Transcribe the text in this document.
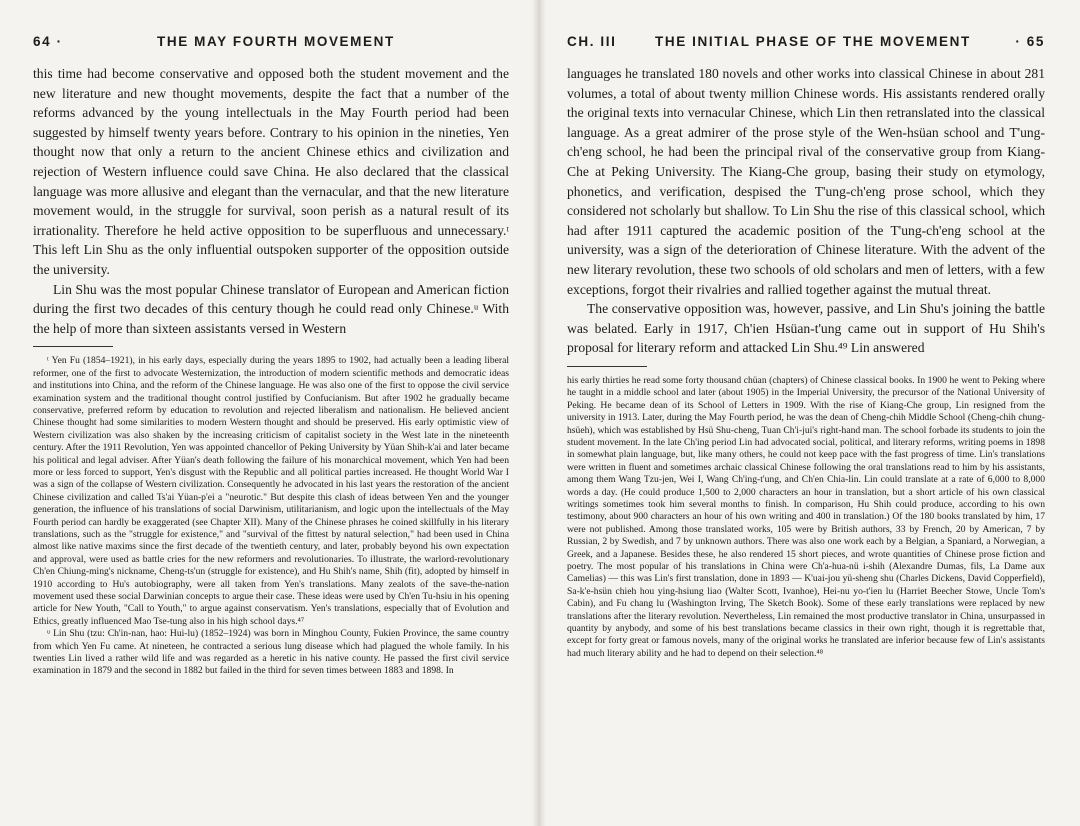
64 ·	THE MAY FOURTH MOVEMENT

this time had become conservative and opposed both the student movement and the new literature and new thought movements, despite the fact that a number of the reforms advanced by the young intellectuals in the May Fourth period had been suggested by himself twenty years before. Contrary to his opinion in the nineties, Yen thought now that only a return to the ancient Chinese ethics and civilization and rejection of Western influence could save China. He also declared that the classical language was more allusive and elegant than the vernacular, and that the new literature movement would, in the struggle for survival, soon perish as a natural result of its irrationality. Therefore he held active opposition to be superfluous and unnecessary.ᵗ This left Lin Shu as the only influential outspoken supporter of the opposition outside the university.

Lin Shu was the most popular Chinese translator of European and American fiction during the first two decades of this century though he could read only Chinese.ᵘ With the help of more than sixteen assistants versed in Western

ᵗ Yen Fu (1854–1921), in his early days, especially during the years 1895 to 1902, had actually been a leading liberal reformer, one of the first to advocate Westernization, the introduction of modern scientific methods and democratic ideas and institutions into China, and the reform of the Chinese language. He was also one of the first to oppose the civil service examination system and the traditional thought control justified by Confucianism. But after 1902 he gradually became conservative, preferred reform by education to revolution and rejected liberalism and nationalism. He believed ancient Chinese thought had some similarities to modern Western thought and should be preserved. His early optimistic view of Western civilization was also shaken by the increasing criticism of capitalist society in the West late in the nineteenth century. After the 1911 Revolution, Yen was appointed chancellor of Peking University by Yüan Shih-k'ai and later became his political and legal adviser. After Yüan's death following the failure of his monarchical movement, which Yen had been more or less forced to support, Yen's disgust with the Republic and all political parties increased. He thought World War I was a sign of the collapse of Western civilization. Consequently he advocated in his last years the restoration of the ancient Chinese civilization and called Ts'ai Yüan-p'ei a "neurotic." But despite this clash of ideas between Yen and the younger generation, the influence of his translations of social Darwinism, utilitarianism, and logic upon the intellectuals of the May Fourth period can hardly be exaggerated (see Chapter XII). Many of the Chinese phrases he coined skillfully in his literary translations, such as the "struggle for existence," and "survival of the fittest by natural selection," had been used in China almost like native maxims since the first decade of the twentieth century, and later, probably beyond his own expectation and approval, were used as battle cries for the new reformers and revolutionaries. To illustrate, the warlord-revolutionary Ch'en Chiung-ming's nickname, Cheng-ts'un (struggle for existence), and Hu Shih's name, Shih (fit), adopted by himself in 1910 according to Hu's autobiography, were all taken from Yen's translations. Many zealots of the save-the-nation movement used these social Darwinian concepts to argue their case. These ideas were used by Ch'en Tu-hsiu in his opening article for New Youth, "Call to Youth," to argue against conservatism. Yen's translations, especially that of Evolution and Ethics, greatly influenced Mao Tse-tung also in his high school days.⁴⁷

ᵘ Lin Shu (tzu: Ch'in-nan, hao: Hui-lu) (1852–1924) was born in Minghou County, Fukien Province, the same country from which Yen Fu came. At nineteen, he contracted a serious lung disease which had plagued the whole family. In his twenties Lin lived a rather wild life and was regarded as a heretic in his native county. He passed the first civil service examination in 1879 and the second in 1882 but failed in the third for seven times between 1883 and 1898. In

CH. III	THE INITIAL PHASE OF THE MOVEMENT	· 65

languages he translated 180 novels and other works into classical Chinese in about 281 volumes, a total of about twenty million Chinese words. His assistants rendered orally the original texts into vernacular Chinese, which Lin then retranslated into the classical language. As a great admirer of the prose style of the Wen-hsüan school and T'ung-ch'eng school, he had been the principal rival of the conservative group from Kiang-Che at Peking University. The Kiang-Che group, basing their study on etymology, phonetics, and verification, despised the T'ung-ch'eng prose school, which they considered not scholarly but shallow. To Lin Shu the rise of this classical school, which had after 1911 captured the academic position of the T'ung-ch'eng school at the university, was a sign of the deterioration of Chinese literature. With the advent of the new literary revolution, these two schools of old scholars and men of letters, with a few exceptions, forgot their rivalries and rallied together against the mutual threat.

The conservative opposition was, however, passive, and Lin Shu's joining the battle was belated. Early in 1917, Ch'ien Hsüan-t'ung came out in support of Hu Shih's proposal for literary reform and attacked Lin Shu.⁴⁹ Lin answered

his early thirties he read some forty thousand chüan (chapters) of Chinese classical books. In 1900 he went to Peking where he taught in a middle school and later (about 1905) in the Imperial University, the precursor of the National University of Peking. He became dean of its School of Letters in 1909. With the rise of Kiang-Che group, Lin resigned from the university in 1913. Later, during the May Fourth period, he was the dean of Cheng-chih Middle School (Cheng-chih chung-hsüeh), which was established by Hsü Shu-cheng, Tuan Ch'i-jui's right-hand man. The school forbade its students to join the student movement. In the late Ch'ing period Lin had advocated social, political, and literary reforms, writing poems in 1898 in somewhat plain language, but, like many others, he could not keep pace with the fast progress of time. Lin's translations were written in fluent and sometimes archaic classical Chinese following the oral translations read to him by his assistants, among them Wang Tzu-jen, Wei I, Wang Ch'ing-t'ung, and Ch'en Chia-lin. Lin could translate at a rate of 6,000 to 8,000 words a day. (He could produce 1,500 to 2,000 characters an hour in translation, but a short article of his own classical writings sometimes took him several months to finish. In comparison, Hu Shih could produce, according to his own testimony, about 900 characters an hour of his own writing and 400 in translation.) Of the 180 books translated by him, 17 were not published. Among those translated works, 105 were by British authors, 33 by French, 20 by American, 7 by Russian, 2 by Swedish, and 7 by unknown authors. There was also one work each by a Belgian, a Spaniard, a Norwegian, a Greek, and a Japanese. Besides these, he also rendered 15 short pieces, and wrote quantities of Chinese prose fiction and poetry. The most popular of his translations in China were Ch'a-hua-nü i-shih (Alexandre Dumas, fils, La Dame aux Camelias) — this was Lin's first translation, done in 1893 — K'uai-jou yü-sheng shu (Charles Dickens, David Copperfield), Sa-k'e-hsün chieh hou ying-hsiung liao (Walter Scott, Ivanhoe), Hei-nu yo-t'ien lu (Harriet Beecher Stowe, Uncle Tom's Cabin), and Fu chang lu (Washington Irving, The Sketch Book). Some of these early translations were replaced by new translations after the literary revolution. Nevertheless, Lin remained the most productive translator in China, unsurpassed in quantity by anybody, and some of his best translations became classics in their own right, though it is regrettable that, except for forty great or famous novels, many of the original works he translated are inferior because few of Lin's assistants had much literary ability and he had to depend on their selection.⁴⁸
